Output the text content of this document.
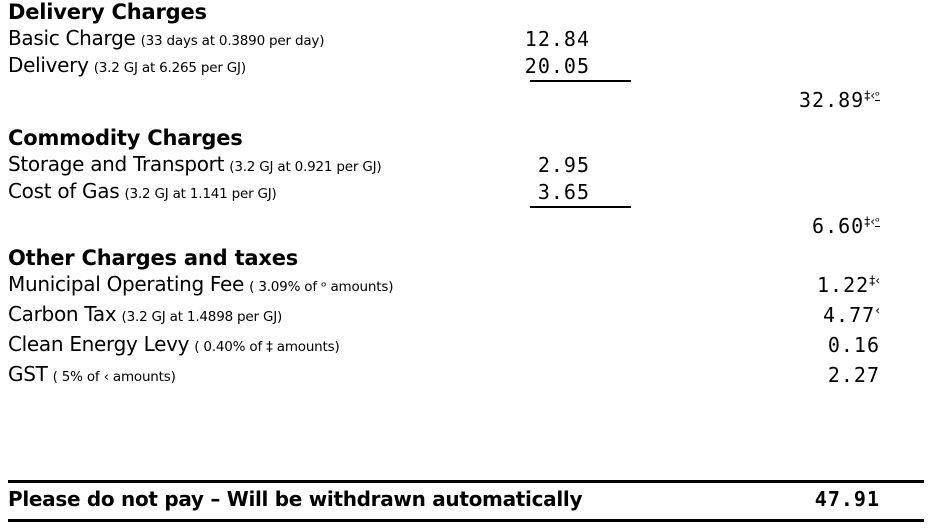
Delivery Charges
Basic Charge (33 days at 0.3890 per day)	12.84
Delivery (3.2 GJ at 6.265 per GJ)	20.05
$32.89^{\ddagger‹ᵒ}$
Commodity Charges
Storage and Transport (3.2 GJ at 0.921 per GJ)	2.95
Cost of Gas (3.2 GJ at 1.141 per GJ)	3.65
$6.60^{\ddagger‹ᵒ}$
Other Charges and taxes
Municipal Operating Fee ( 3.09% of ᵒ amounts)	1.22‡‹
Carbon Tax (3.2 GJ at 1.4898 per GJ)	4.77‹
Clean Energy Levy ( 0.40% of ‡ amounts)	0.16
GST ( 5% of ‹ amounts)	2.27
Please do not pay – Will be withdrawn automatically	47.91
